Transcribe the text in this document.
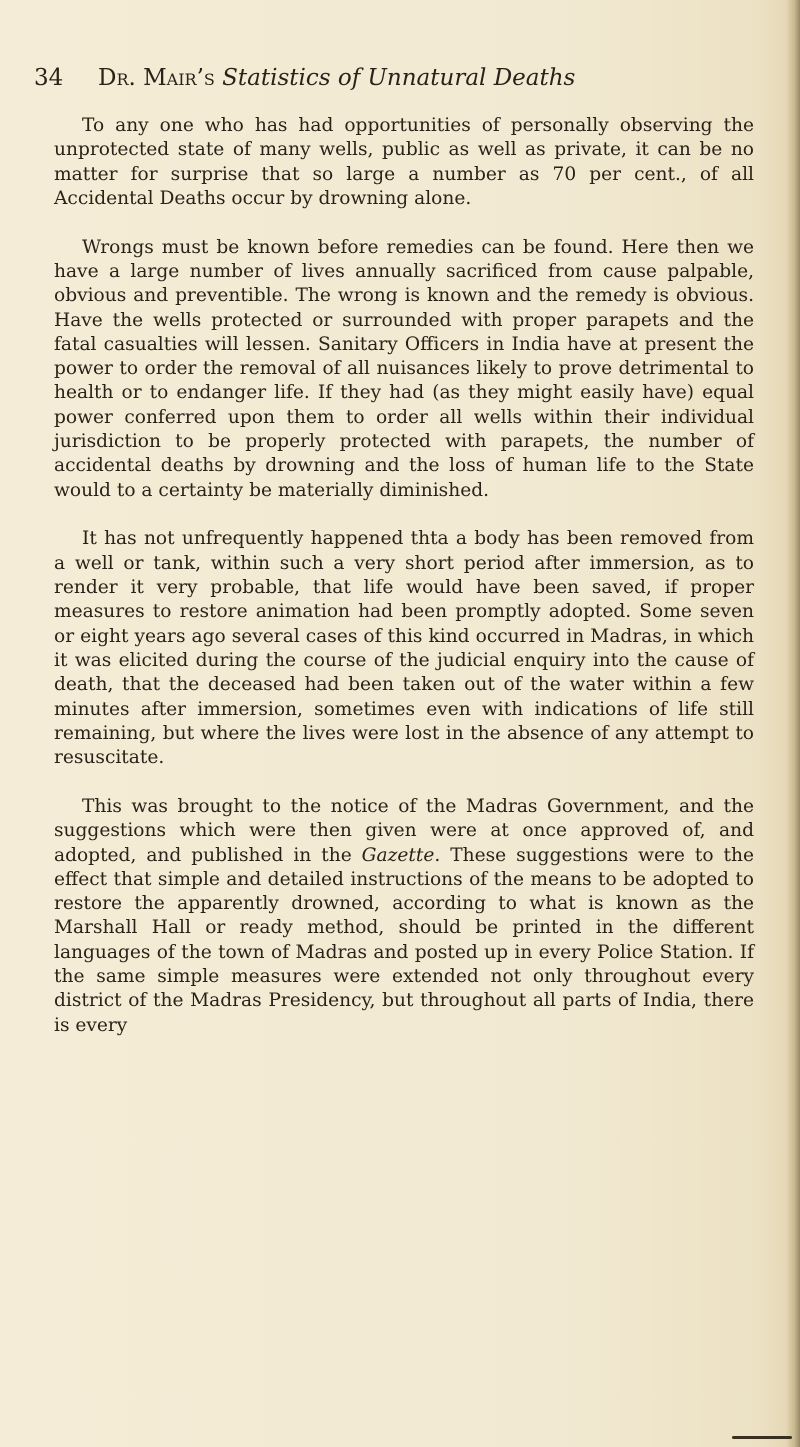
34 Dr. Mair’s Statistics of Unnatural Deaths

To any one who has had opportunities of personally observing the unprotected state of many wells, public as well as private, it can be no matter for surprise that so large a number as 70 per cent., of all Accidental Deaths occur by drowning alone.

Wrongs must be known before remedies can be found. Here then we have a large number of lives annually sacrificed from cause palpable, obvious and preventible. The wrong is known and the remedy is obvious. Have the wells protected or surrounded with proper parapets and the fatal casualties will lessen. Sanitary Officers in India have at present the power to order the removal of all nuisances likely to prove detrimental to health or to endanger life. If they had (as they might easily have) equal power conferred upon them to order all wells within their individual jurisdiction to be properly protected with parapets, the number of accidental deaths by drowning and the loss of human life to the State would to a certainty be materially diminished.

It has not unfrequently happened thta a body has been removed from a well or tank, within such a very short period after immersion, as to render it very probable, that life would have been saved, if proper measures to restore animation had been promptly adopted. Some seven or eight years ago several cases of this kind occurred in Madras, in which it was elicited during the course of the judicial enquiry into the cause of death, that the deceased had been taken out of the water within a few minutes after immersion, sometimes even with indications of life still remaining, but where the lives were lost in the absence of any attempt to resuscitate.

This was brought to the notice of the Madras Government, and the suggestions which were then given were at once approved of, and adopted, and published in the Gazette. These suggestions were to the effect that simple and detailed instructions of the means to be adopted to restore the apparently drowned, according to what is known as the Marshall Hall or ready method, should be printed in the different languages of the town of Madras and posted up in every Police Station. If the same simple measures were extended not only throughout every district of the Madras Presidency, but throughout all parts of India, there is every
